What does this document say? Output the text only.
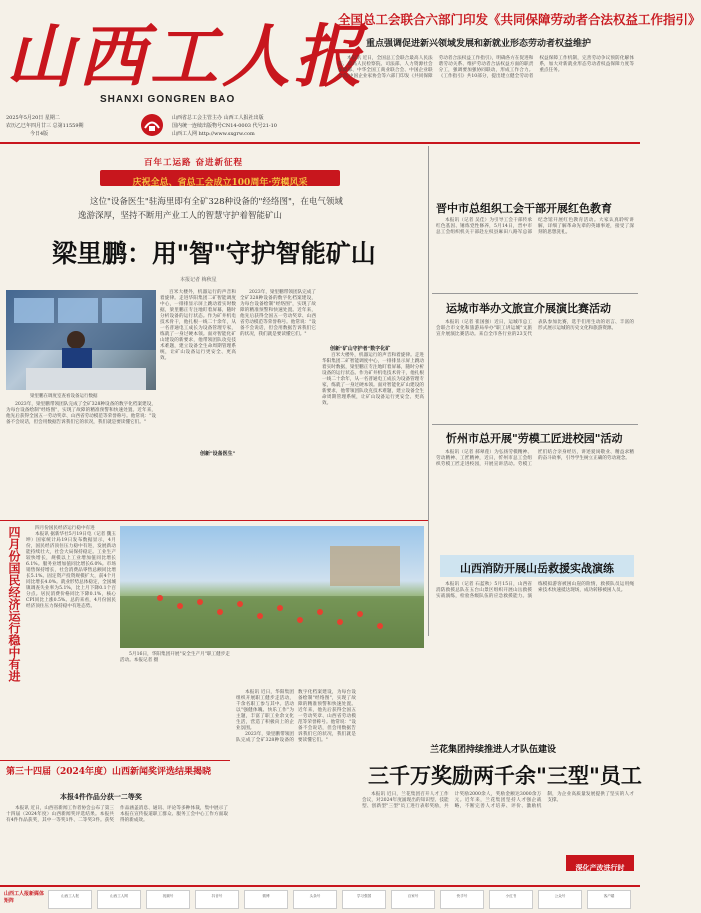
山西工人报
SHANXI GONGREN BAO
2025年5月20日 星期二
农历乙巳年四月廿三 总第11559期
今日4版
山西省总工会主管主办 山西工人报社出版
国内统一连续出版物号CN14-0003 代号21-10
山西工人网 http://www.sxgrw.com
全国总工会联合六部门印发《共同保障劳动者合法权益工作指引》
重点强调促进新兴领域发展和新就业形态劳动者权益维护

本报讯 近日，全国总工会联合最高人民法院、最高人民检察院、司法部、人力资源社会保障部、中华全国工商业联合会、中国企业联合会/中国企业家协会等六部门印发《共同保障劳动者合法权益工作指引》，明确各方在促进和谐劳动关系、维护劳动者合法权益方面的职责分工，强调要加强协同联动，形成工作合力。《工作指引》共10部分，提出建立健全劳动者权益保障工作机制，完善劳动争议预防化解体系，加大对新就业形态劳动者权益保障力度等重点任务。

庆祝全总、省总工会成立100周年·劳模风采
百年工运路 奋进新征程
这位"设备医生"驻海里即有全矿328种设备的"经络图"，在电气领域
逸游深厚，坚持不断用产业工人的智慧守护着智能矿山
梁里鹏：用"智"守护智能矿山
本报记者 梅秋星
梁里鹏在调度室查看设备运行数据

百米大楼外，机器运行的声音和着旋律。走进华阳集团二矿智能调度中心，一排排显示屏上跳动着实时数据，梁里鹏正专注地盯着屏幕，随时分析设备的运行状态。作为矿井机电技术骨干，他扎根一线二十余年，从一名普通电工成长为设备管理专家，练就了一身过硬本领。面对智能化矿山建设的新要求，他带领团队攻克技术难题，建立设备全生命周期管理系统，让矿山设备运行更安全、更高效。

创新"设备医生"

2023年，梁里鹏带领团队完成了全矿328种设备的数字化档案建设，为每台设备绘制"经络图"，实现了故障的精准预警和快速处置。近年来，他先后获得全国五一劳动奖章、山西省劳动模范等荣誉称号。他常说："设备不会说话，但会用数据告诉我们它的状况，我们就是要读懂它们。"

创新"矿山守护者"数字化矿

百米大楼外，机器运行的声音和着旋律。走进华阳集团二矿智能调度中心，一排排显示屏上跳动着实时数据，梁里鹏正专注地盯着屏幕，随时分析设备的运行状态。作为矿井机电技术骨干，他扎根一线二十余年，从一名普通电工成长为设备管理专家，练就了一身过硬本领。面对智能化矿山建设的新要求，他带领团队攻克技术难题，建立设备全生命周期管理系统，让矿山设备运行更安全、更高效。

2023年，梁里鹏带领团队完成了全矿328种设备的数字化档案建设，为每台设备绘制"经络图"，实现了故障的精准预警和快速处置。近年来，他先后获得全国五一劳动奖章、山西省劳动模范等荣誉称号。他常说："设备不会说话，但会用数据告诉我们它的状况，我们就是要读懂它们。"

晋中市总组织工会干部开展红色教育

本报讯（记者 吴佳）为引导工会干部传承红色基因、锤炼党性修养，5月14日，晋中市总工会组织机关干部赴左权县麻田八路军总部纪念馆开展红色教育活动。大家认真聆听讲解，详细了解革命先辈的英雄事迹，接受了深刻的思想洗礼。

运城市举办文旅宣介展演比赛活动

本报讯（记者 崔国强）近日，运城市总工会联合市文化和旅游局举办"职工讲运城"文旅宣介展演比赛活动。来自全市各行业的23支代表队参加比赛，选手们用生动的语言、丰富的形式展示运城的历史文化和旅游资源。

忻州市总开展"劳模工匠进校园"活动

本报讯（记者 郝翠莲）为弘扬劳模精神、劳动精神、工匠精神，近日，忻州市总工会组织劳模工匠走进校园，开展宣讲活动。劳模工匠们结合亲身经历，讲述爱岗敬业、精益求精的奋斗故事，引导学生树立正确的劳动观念。

山西消防开展山岳救援实战演练

本报讯（记者 石蓝秋）5月15日，山西省消防救援总队在五台山景区组织开展山岳救援实战演练，检验各级队伍的应急救援能力。演练模拟游客被困山崖的险情，救援队员运用绳索技术快速抵达现场，成功转移被困人员。

四月份国民经济运行稳中有进	四月份国民经济运行稳中有进

本报讯 据新华社5月19日电（记者 魏玉坤）国家统计局19日发布数据显示，4月份，国民经济顶住压力稳中有进，发展新动能持续壮大，社会大局保持稳定。工业生产较快增长，规模以上工业增加值同比增长6.1%。服务业增加值同比增长6.0%。市场销售保持增长，社会消费品零售总额同比增长5.1%。固定资产投资规模扩大，前4个月同比增长4.0%。就业形势总体稳定，全国城镇调查失业率为5.1%，比上月下降0.1个百分点。居民消费价格同比下降0.1%，核心CPI同比上涨0.5%。总的来看，4月份国民经济顶住压力保持稳中有进态势。

5月16日，华阳集团开展"安全生产月"职工健步走活动。本报记者 摄

第三十四届（2024年度）山西新闻奖评选结果揭晓
本报4件作品分获一二等奖

本报讯 近日，山西省新闻工作者协会公布了第三十四届（2024年度）山西新闻奖评选结果。本报共有4件作品获奖，其中一等奖1件、二等奖3件。获奖作品涵盖消息、通讯、评论等多种体裁，集中展示了本报在宣传报道职工群众、服务工会中心工作方面取得的新成效。

本报讯 近日，华阳集团组织开展职工健步走活动，千余名职工参与其中。活动以"强健体魄、快乐工作"为主题，丰富了职工业余文化生活，营造了积极向上的企业氛围。

2023年，梁里鹏带领团队完成了全矿328种设备的数字化档案建设，为每台设备绘制"经络图"，实现了故障的精准预警和快速处置。近年来，他先后获得全国五一劳动奖章、山西省劳动模范等荣誉称号。他常说："设备不会说话，但会用数据告诉我们它的状况，我们就是要读懂它们。"

兰花集团持续推进人才队伍建设
三千万奖励两千余"三型"员工

本报讯 近日，兰花集团召开人才工作会议，对2024年度涌现出的知识型、技能型、创新型"三型"员工进行表彰奖励，共计奖励2000余人，奖励金额达3000余万元。近年来，兰花集团坚持人才强企战略，不断完善人才培养、评价、激励机制，为企业高质量发展提供了坚实的人才支撑。

深化产改进行时
山西工人报新媒体矩阵
山西工人报	山西工人网	视频号	抖音号	微博	头条号	学习强国	百家号	快手号	小红书	公众号	客户端
